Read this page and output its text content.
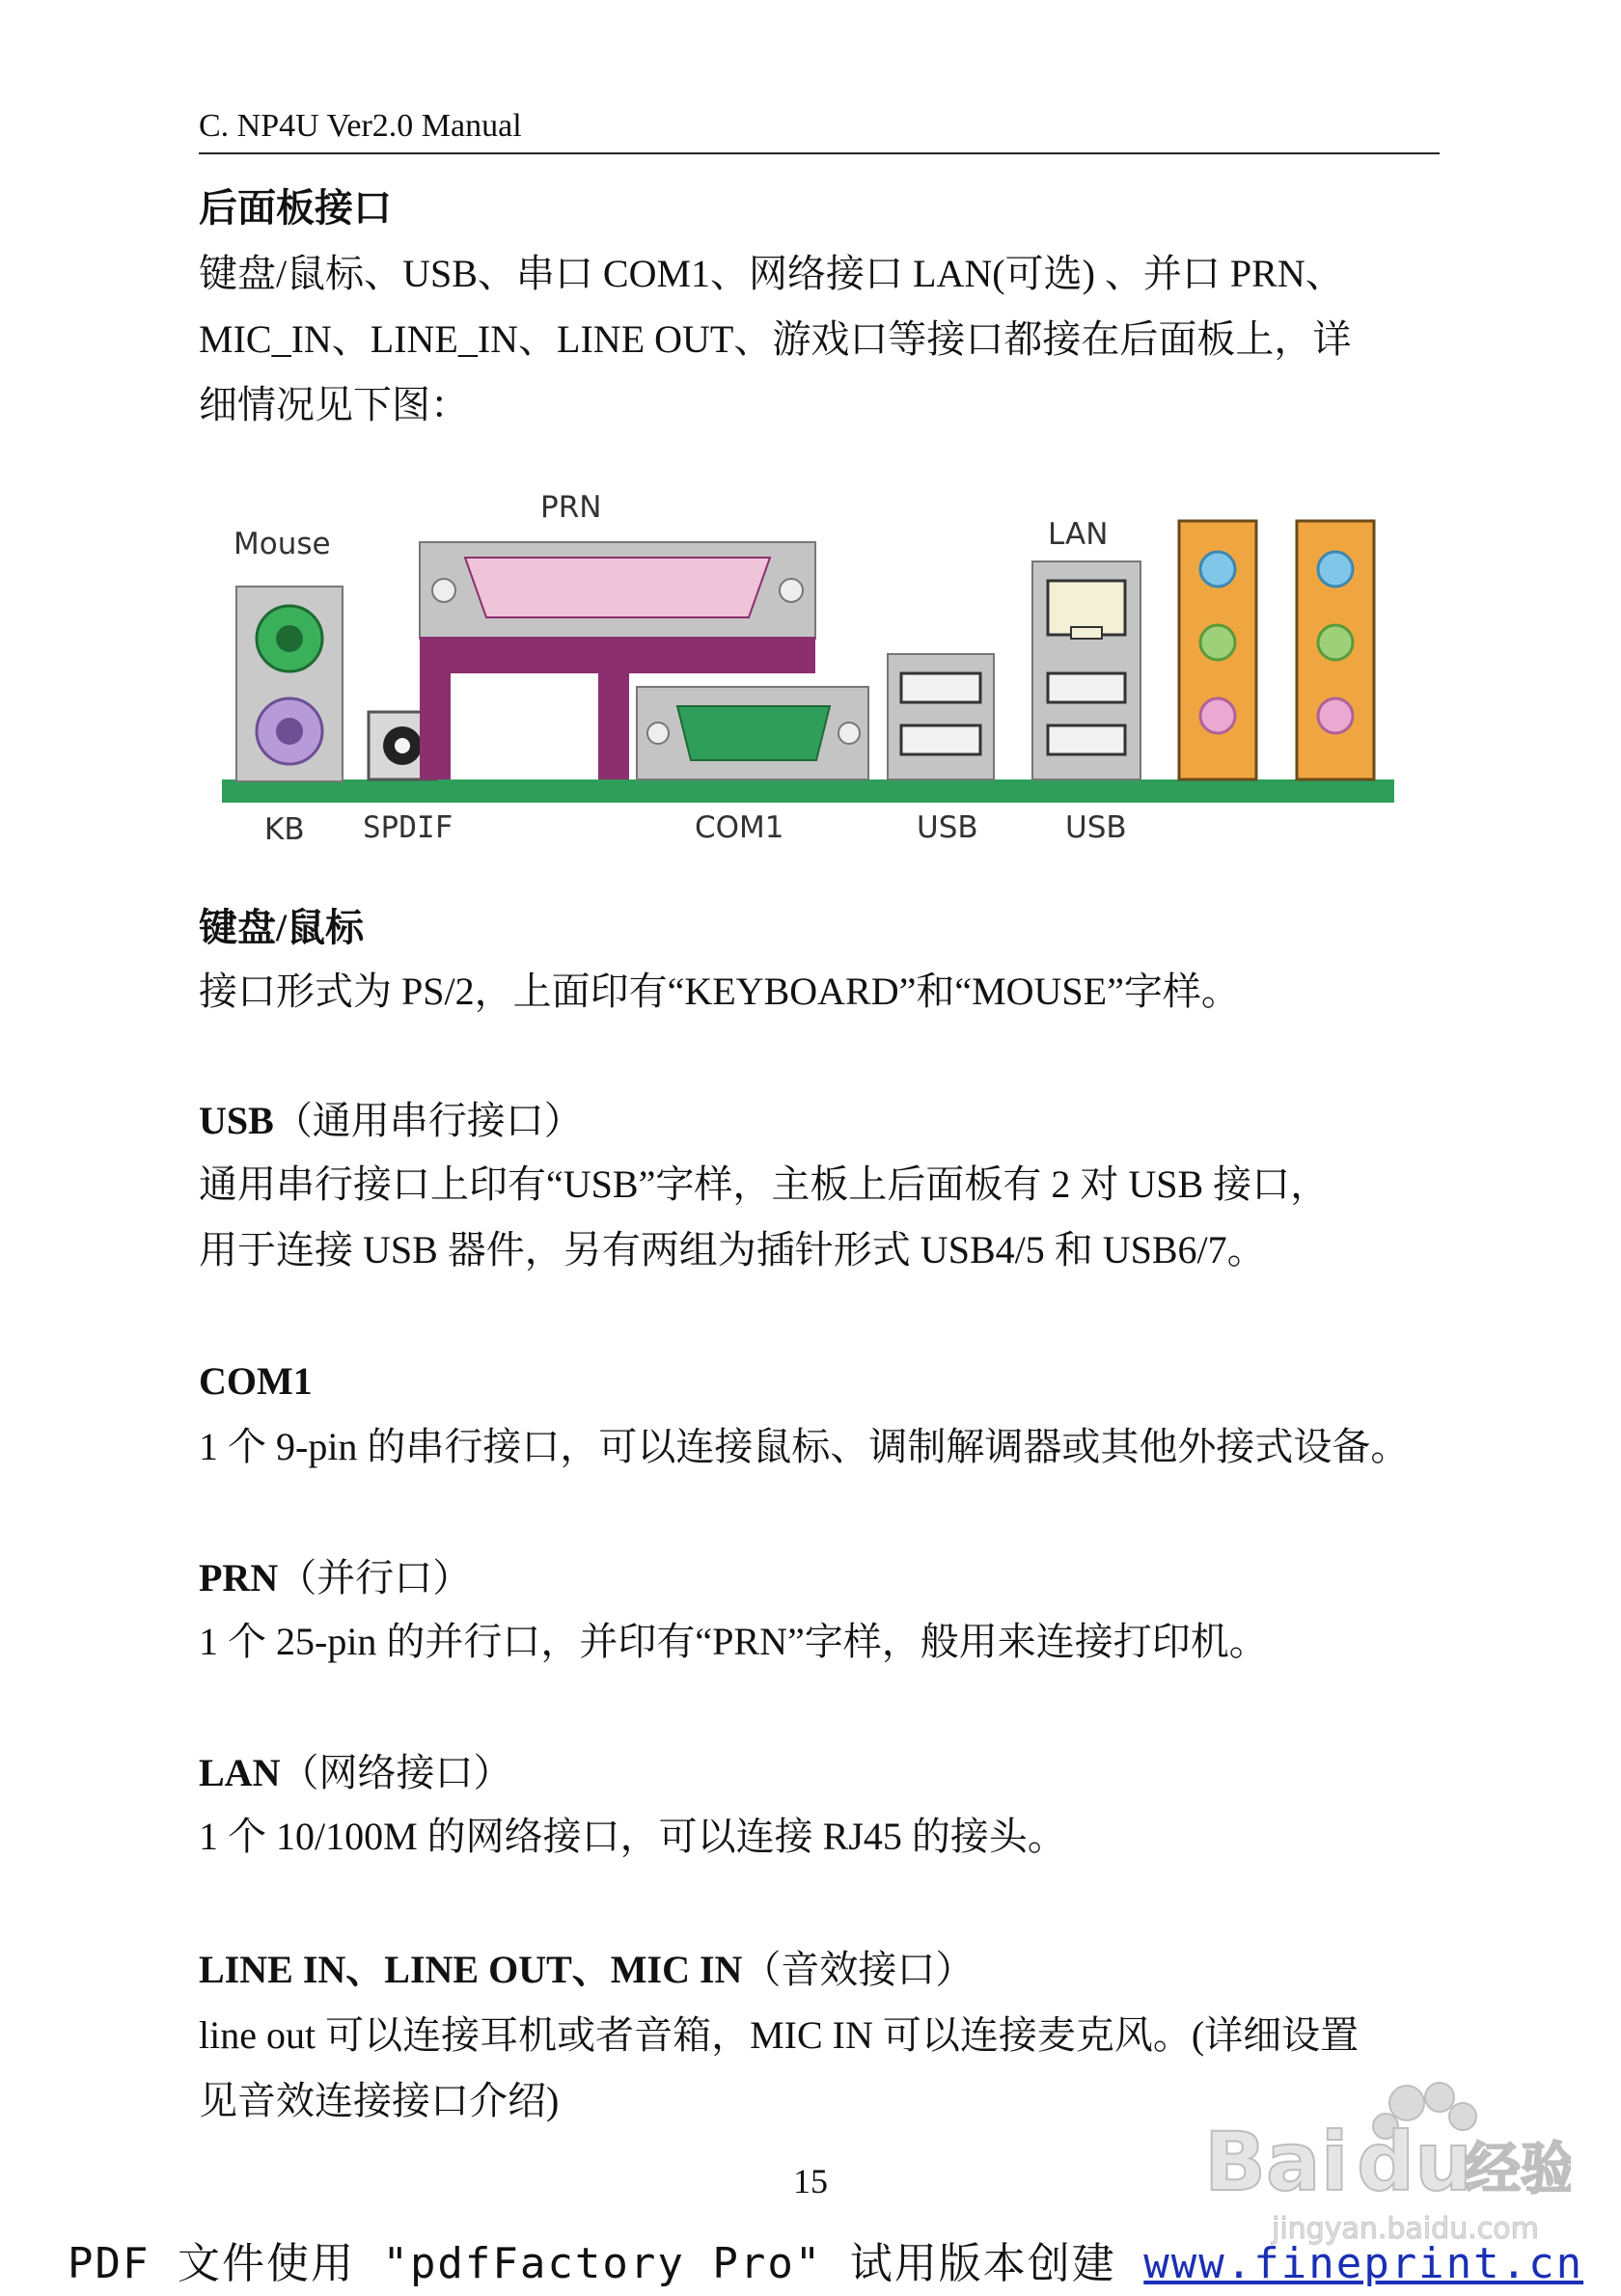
C. NP4U Ver2.0 Manual
后面板接口
键盘/鼠标、USB、串口 COM1、网络接口 LAN(可选) 、并口 PRN、
MIC_IN、LINE_IN、LINE OUT、游戏口等接口都接在后面板上，详
细情况见下图：
Mouse
PRN
LAN
KB SPDIF	COM1	USB	USB
键盘/鼠标
接口形式为 PS/2，上面印有“KEYBOARD”和“MOUSE”字样。
USB（通用串行接口）
通用串行接口上印有“USB”字样，主板上后面板有 2 对 USB 接口，
用于连接 USB 器件，另有两组为插针形式 USB4/5 和 USB6/7。
COM1
1 个 9-pin 的串行接口，可以连接鼠标、调制解调器或其他外接式设备。
PRN（并行口）
1 个 25-pin 的并行口，并印有“PRN”字样，般用来连接打印机。
LAN（网络接口）
1 个 10/100M 的网络接口，可以连接 RJ45 的接头。
LINE IN、LINE OUT、MIC IN（音效接口）
line out 可以连接耳机或者音箱，MIC IN 可以连接麦克风。(详细设置
见音效连接接口介绍)
Bai du
经验
jingyan.baidu.com
15
PDF 文件使用 "pdfFactory Pro" 试用版本创建 www.fineprint.cn
